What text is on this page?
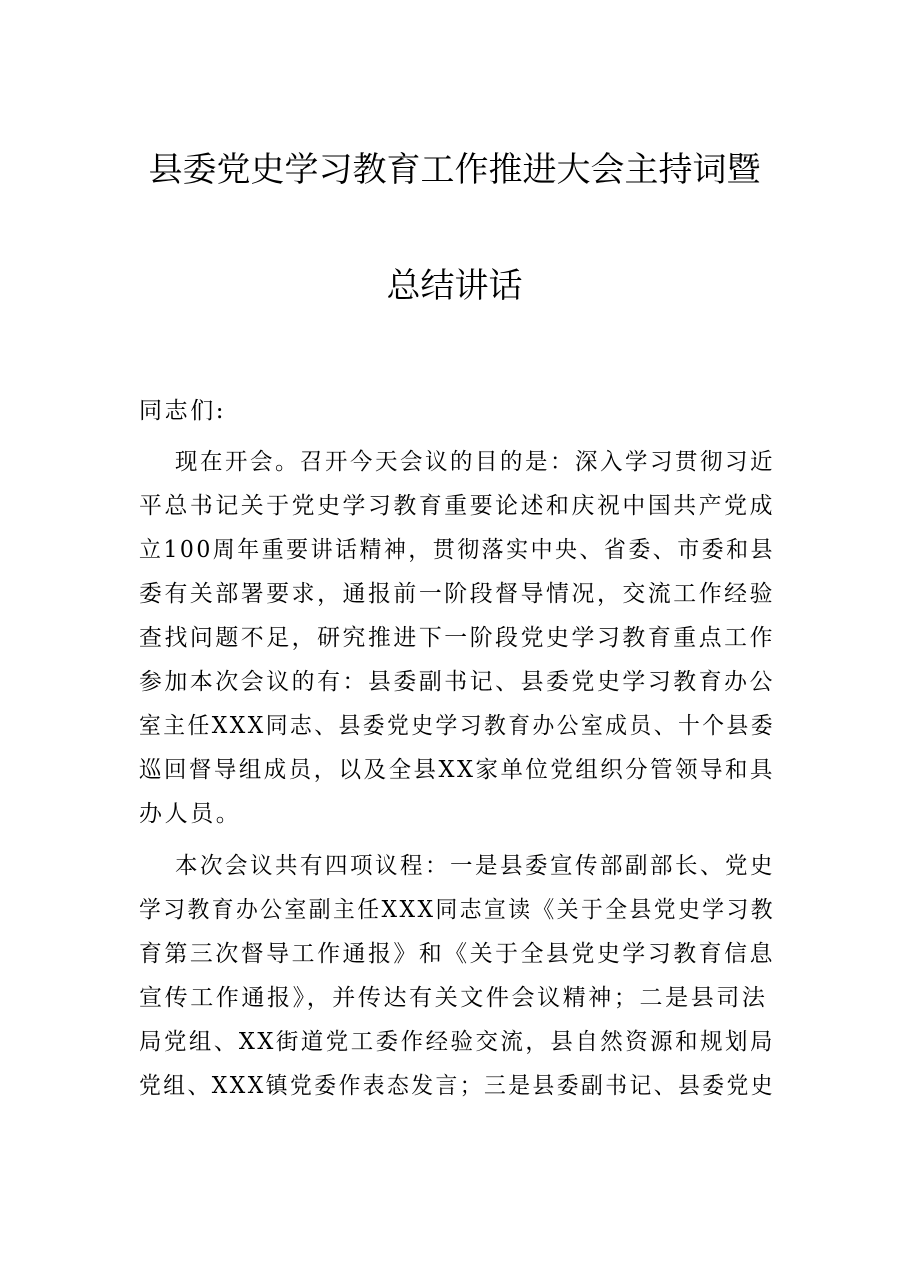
县委党史学习教育工作推进大会主持词暨
总结讲话
同志们:
现在开会。召开今天会议的目的是：深入学习贯彻习近
平总书记关于党史学习教育重要论述和庆祝中国共产党成
立100周年重要讲话精神，贯彻落实中央、省委、市委和县
委有关部署要求，通报前一阶段督导情况，交流工作经验
查找问题不足，研究推进下一阶段党史学习教育重点工作
参加本次会议的有：县委副书记、县委党史学习教育办公
室主任XXX同志、县委党史学习教育办公室成员、十个县委
巡回督导组成员，以及全县XX家单位党组织分管领导和具
办人员。
本次会议共有四项议程：一是县委宣传部副部长、党史
学习教育办公室副主任XXX同志宣读《关于全县党史学习教
育第三次督导工作通报》和《关于全县党史学习教育信息
宣传工作通报》，并传达有关文件会议精神；二是县司法
局党组、XX街道党工委作经验交流，县自然资源和规划局
党组、XXX镇党委作表态发言；三是县委副书记、县委党史
